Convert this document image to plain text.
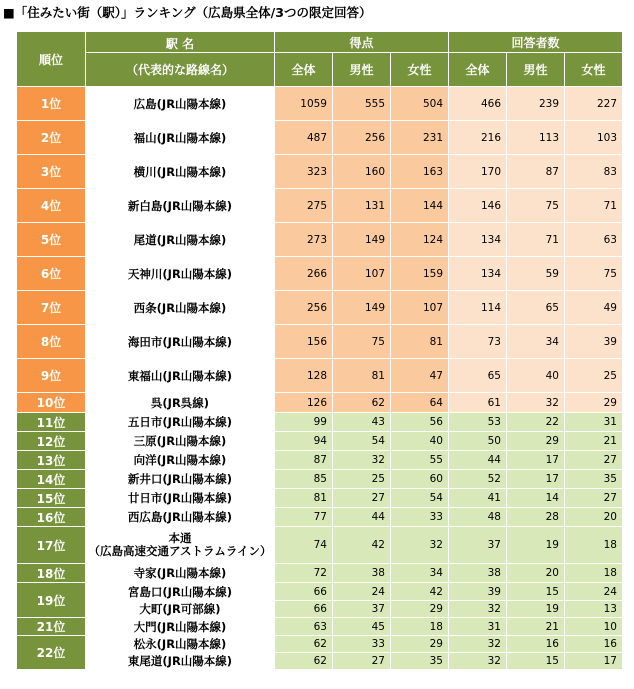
■「住みたい街（駅）」ランキング（広島県全体/3つの限定回答）
順位	駅 名	得点			回答者数		
	（代表的な路線名）	全体	男性	女性	全体	男性	女性
1位	広島(JR山陽本線)	1059	555	504	466	239	227
2位	福山(JR山陽本線)	487	256	231	216	113	103
3位	横川(JR山陽本線)	323	160	163	170	87	83
4位	新白島(JR山陽本線)	275	131	144	146	75	71
5位	尾道(JR山陽本線)	273	149	124	134	71	63
6位	天神川(JR山陽本線)	266	107	159	134	59	75
7位	西条(JR山陽本線)	256	149	107	114	65	49
8位	海田市(JR山陽本線)	156	75	81	73	34	39
9位	東福山(JR山陽本線)	128	81	47	65	40	25
10位	呉(JR呉線)	126	62	64	61	32	29
11位	五日市(JR山陽本線)	99	43	56	53	22	31
12位	三原(JR山陽本線)	94	54	40	50	29	21
13位	向洋(JR山陽本線)	87	32	55	44	17	27
14位	新井口(JR山陽本線)	85	25	60	52	17	35
15位	廿日市(JR山陽本線)	81	27	54	41	14	27
16位	西広島(JR山陽本線)	77	44	33	48	28	20
17位	本通
（広島高速交通アストラムライン）	74	42	32	37	19	18
18位	寺家(JR山陽本線)	72	38	34	38	20	18
19位	宮島口(JR山陽本線)	66	24	42	39	15	24
	大町(JR可部線)	66	37	29	32	19	13
21位	大門(JR山陽本線)	63	45	18	31	21	10
22位	松永(JR山陽本線)	62	33	29	32	16	16
	東尾道(JR山陽本線)	62	27	35	32	15	17
